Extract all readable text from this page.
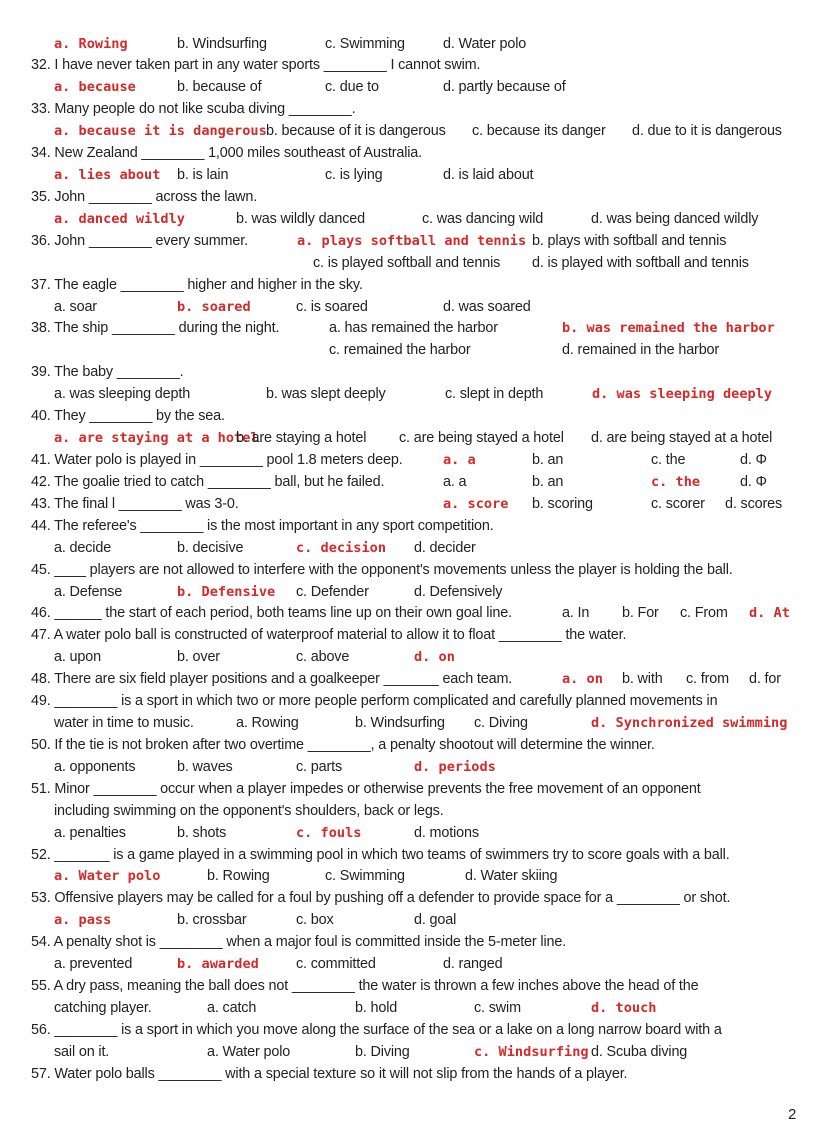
2
a. Rowing	b. Windsurfing	c. Swimming	d. Water polo
32. I have never taken part in any water sports ________ I cannot swim.
a. because	b. because of	c. due to	d. partly because of
33. Many people do not like scuba diving ________.
a. because it is dangerous b. because of it is dangerous c. because its danger d. due to it is dangerous
34. New Zealand ________ 1,000 miles southeast of Australia.
a. lies about b. is lain	c. is lying	d. is laid about
35. John ________ across the lawn.
a. danced wildly	b. was wildly danced	c. was dancing wild	d. was being danced wildly
36. John ________ every summer.	a. plays softball and tennis b. plays with softball and tennis
c. is played softball and tennis d. is played with softball and tennis
37. The eagle ________ higher and higher in the sky.
a. soar	b. soared	c. is soared	d. was soared
38. The ship ________ during the night.	a. has remained the harbor	b. was remained the harbor
c. remained the harbor	d. remained in the harbor
39. The baby ________.
a. was sleeping depth	b. was slept deeply	c. slept in depth	d. was sleeping deeply
40. They ________ by the sea.
a. are staying at a hotel
b. are staying a hotel c. are being stayed a hotel d. are being stayed at a hotel
41. Water polo is played in ________ pool 1.8 meters deep.	a. a	b. an	c. the	d. Φ
42. The goalie tried to catch ________ ball, but he failed.	a. a	b. an	c. the	d. Φ
43. The final l ________ was 3-0.	a. score b. scoring	c. scorer d. scores
44. The referee's ________ is the most important in any sport competition.
a. decide	b. decisive	c. decision d. decider
45. ____ players are not allowed to interfere with the opponent's movements unless the player is holding the ball.
a. Defense	b. Defensive c. Defender	d. Defensively
46. ______ the start of each period, both teams line up on their own goal line.	a. In b. For c. From d. At
47. A water polo ball is constructed of waterproof material to allow it to float ________ the water.
a. upon	b. over	c. above	d. on
48. There are six field player positions and a goalkeeper _______ each team.	a. on b. with c. from d. for
49. ________ is a sport in which two or more people perform complicated and carefully planned movements in
water in time to music.	a. Rowing	b. Windsurfing c. Diving	d. Synchronized swimming
50. If the tie is not broken after two overtime ________, a penalty shootout will determine the winner.
a. opponents	b. waves	c. parts	d. periods
51. Minor ________ occur when a player impedes or otherwise prevents the free movement of an opponent
including swimming on the opponent's shoulders, back or legs.
a. penalties	b. shots	c. fouls	d. motions
52. _______ is a game played in a swimming pool in which two teams of swimmers try to score goals with a ball.
a. Water polo	b. Rowing	c. Swimming	d. Water skiing
53. Offensive players may be called for a foul by pushing off a defender to provide space for a ________ or shot.
a. pass	b. crossbar	c. box	d. goal
54. A penalty shot is ________ when a major foul is committed inside the 5-meter line.
a. prevented	b. awarded	c. committed	d. ranged
55. A dry pass, meaning the ball does not ________ the water is thrown a few inches above the head of the
catching player.	a. catch	b. hold	c. swim	d. touch
56. ________ is a sport in which you move along the surface of the sea or a lake on a long narrow board with a
sail on it.	a. Water polo	b. Diving	c. Windsurfing d. Scuba diving
57. Water polo balls ________ with a special texture so it will not slip from the hands of a player.
